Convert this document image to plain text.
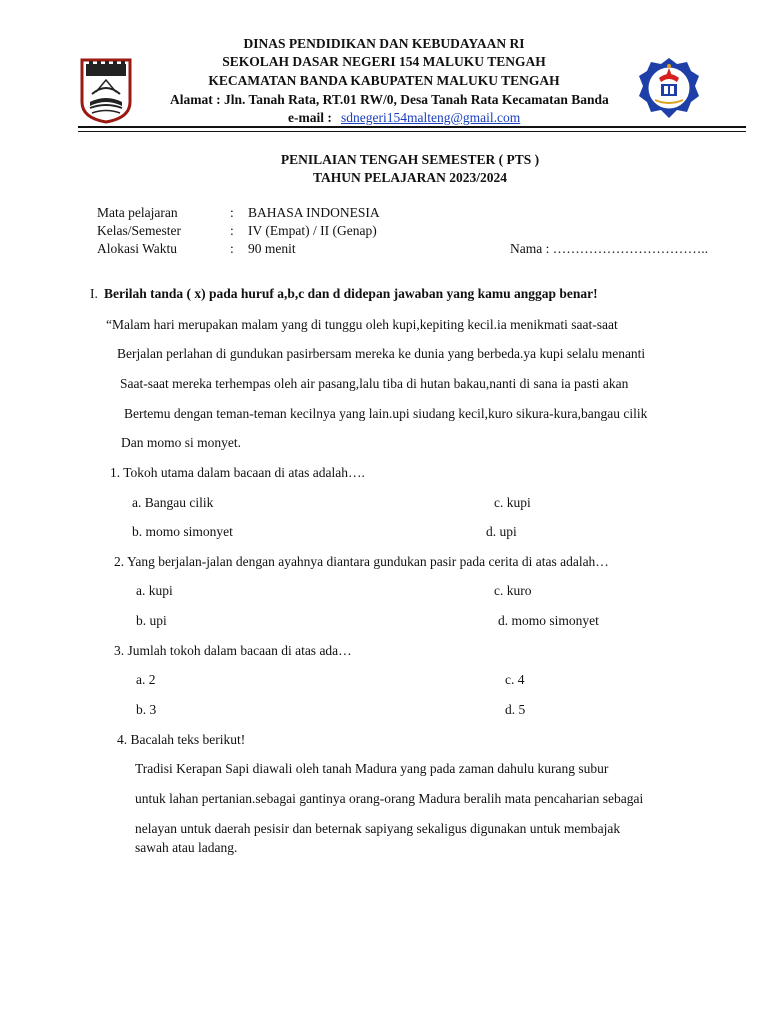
DINAS PENDIDIKAN DAN KEBUDAYAAN RI
SEKOLAH DASAR NEGERI 154 MALUKU TENGAH
KECAMATAN BANDA KABUPATEN MALUKU TENGAH
Alamat : Jln. Tanah Rata, RT.01 RW/0, Desa Tanah Rata Kecamatan Banda
e-mail : sdnegeri154malteng@gmail.com
PENILAIAN TENGAH SEMESTER ( PTS )
TAHUN PELAJARAN 2023/2024
Mata pelajaran	: BAHASA INDONESIA
Kelas/Semester	: IV (Empat) / II (Genap)
Alokasi Waktu	: 90 menit	Nama : ……………………………..
I. Berilah tanda ( x) pada huruf a,b,c dan d didepan jawaban yang kamu anggap benar!
“Malam hari merupakan malam yang di tunggu oleh kupi,kepiting kecil.ia menikmati saat-saat
Berjalan perlahan di gundukan pasirbersam mereka ke dunia yang berbeda.ya kupi selalu menanti
Saat-saat mereka terhempas oleh air pasang,lalu tiba di hutan bakau,nanti di sana ia pasti akan
Bertemu dengan teman-teman kecilnya yang lain.upi siudang kecil,kuro sikura-kura,bangau cilik
Dan momo si monyet.
1. Tokoh utama dalam bacaan di atas adalah….
a. Bangau cilik	c. kupi
b. momo simonyet	d. upi
2. Yang berjalan-jalan dengan ayahnya diantara gundukan pasir pada cerita di atas adalah…
a. kupi	c. kuro
b. upi	d. momo simonyet
3. Jumlah tokoh dalam bacaan di atas ada…
a. 2	c. 4
b. 3	d. 5
4. Bacalah teks berikut!
Tradisi Kerapan Sapi diawali oleh tanah Madura yang pada zaman dahulu kurang subur
untuk lahan pertanian.sebagai gantinya orang-orang Madura beralih mata pencaharian sebagai
nelayan untuk daerah pesisir dan beternak sapiyang sekaligus digunakan untuk membajak
sawah atau ladang.
